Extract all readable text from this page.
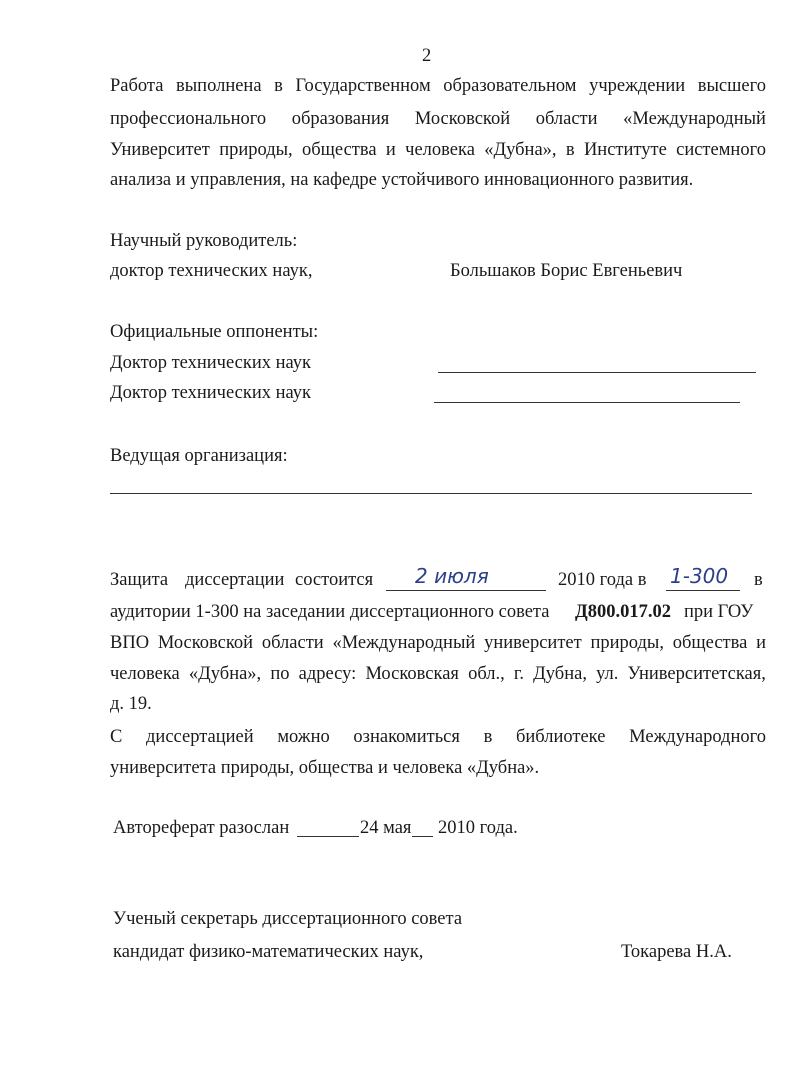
2
Работа выполнена в Государственном образовательном учреждении высшего
профессионального образования Московской области «Международный
Университет природы, общества и человека «Дубна», в Институте системного
анализа и управления, на кафедре устойчивого инновационного развития.
Научный руководитель:
доктор технических наук,	Большаков Борис Евгеньевич
Официальные оппоненты:
Доктор технических наук
Доктор технических наук
Ведущая организация:
Защита диссертации состоится 2 июля	2010 года в 1-300 в
аудитории 1-300 на заседании диссертационного совета Д800.017.02 при ГОУ
ВПО Московской области «Международный университет природы, общества и
человека «Дубна», по адресу: Московская обл., г. Дубна, ул. Университетская,
д. 19.
С диссертацией можно ознакомиться в библиотеке Международного
университета природы, общества и человека «Дубна».
Автореферат разослан	24 мая 2010 года.
Ученый секретарь диссертационного совета
кандидат физико-математических наук,	Токарева Н.А.
